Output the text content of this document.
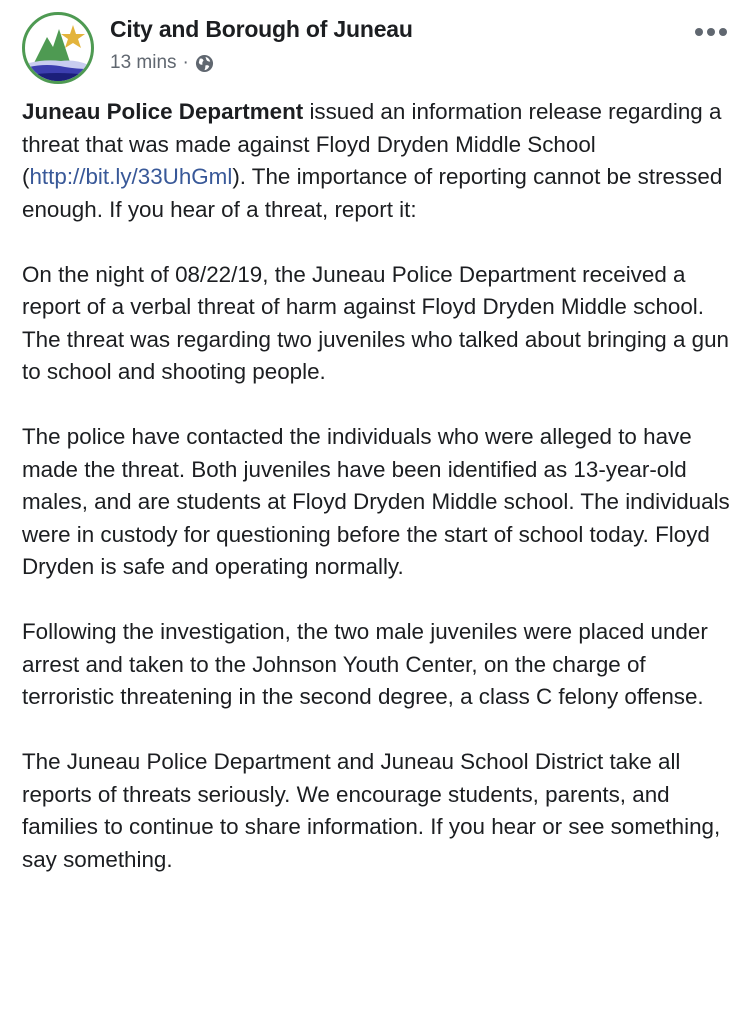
City and Borough of Juneau
13 mins ·

Juneau Police Department issued an information release regarding a threat that was made against Floyd Dryden Middle School (http://bit.ly/33UhGml). The importance of reporting cannot be stressed enough. If you hear of a threat, report it:

On the night of 08/22/19, the Juneau Police Department received a report of a verbal threat of harm against Floyd Dryden Middle school. The threat was regarding two juveniles who talked about bringing a gun to school and shooting people.

The police have contacted the individuals who were alleged to have made the threat. Both juveniles have been identified as 13-year-old males, and are students at Floyd Dryden Middle school. The individuals were in custody for questioning before the start of school today. Floyd Dryden is safe and operating normally.

Following the investigation, the two male juveniles were placed under arrest and taken to the Johnson Youth Center, on the charge of terroristic threatening in the second degree, a class C felony offense.

The Juneau Police Department and Juneau School District take all reports of threats seriously. We encourage students, parents, and families to continue to share information. If you hear or see something, say something.
